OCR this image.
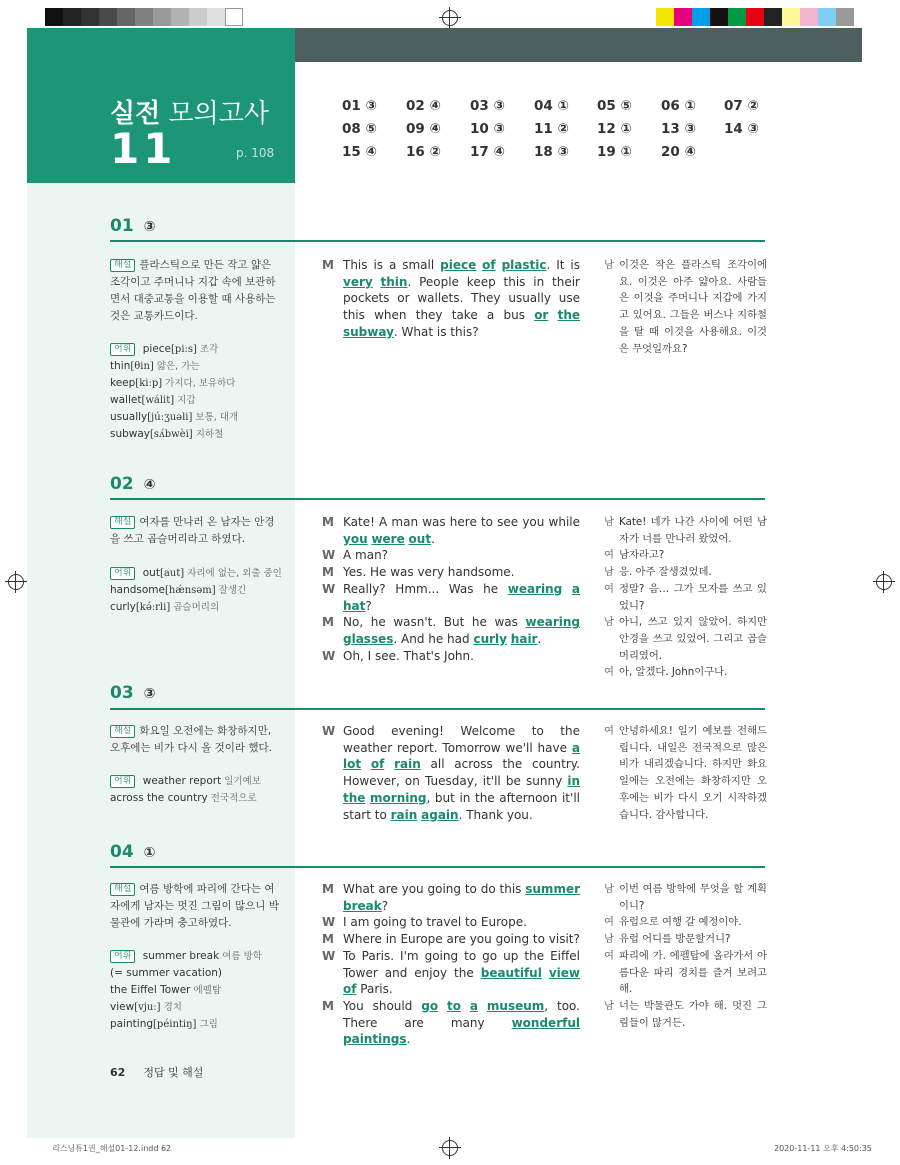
실전 모의고사
11	p. 108
01 ③ 02 ④ 03 ③ 04 ① 05 ⑤ 06 ① 07 ②
08 ⑤ 09 ④ 10 ③ 11 ② 12 ① 13 ③ 14 ③
15 ④ 16 ② 17 ④ 18 ③ 19 ① 20 ④
01 ③
해설 플라스틱으로 만든 작고 얇은 조각이고 주머니나 지갑 속에 보관하면서 대중교통을 이용할 때 사용하는 것은 교통카드이다.
어휘 piece[piːs] 조각
thin[θin] 얇은, 가는
keep[kiːp] 가지다, 보유하다
wallet[wálit] 지갑
usually[júːʒuəli] 보통, 대개
subway[sʌ́bwèi] 지하철
M This is a small piece of plastic. It is very thin. People keep this in their pockets or wallets. They usually use this when they take a bus or the subway. What is this?
남 이것은 작은 플라스틱 조각이에요. 이것은 아주 얇아요. 사람들은 이것을 주머니나 지갑에 가지고 있어요. 그들은 버스나 지하철을 탈 때 이것을 사용해요. 이것은 무엇일까요?
02 ④
해설 여자를 만나러 온 남자는 안경을 쓰고 곱슬머리라고 하였다.
어휘 out[aut] 자리에 없는, 외출 중인
handsome[hǽnsəm] 잘생긴
curly[kə́ːrli] 곱슬머리의
M Kate! A man was here to see you while you were out.
W A man?
M Yes. He was very handsome.
W Really? Hmm... Was he wearing a hat?
M No, he wasn't. But he was wearing glasses. And he had curly hair.
W Oh, I see. That's John.
남 Kate! 네가 나간 사이에 어떤 남자가 너를 만나러 왔었어.
여 남자라고?
남 응. 아주 잘생겼었데.
여 정말? 음… 그가 모자를 쓰고 있었니?
남 아니, 쓰고 있지 않았어. 하지만 안경을 쓰고 있었어. 그리고 곱슬머리였어.
여 아, 알겠다. John이구나.
03 ③
해설 화요일 오전에는 화창하지만, 오후에는 비가 다시 올 것이라 했다.
어휘 weather report 일기예보
across the country 전국적으로
W Good evening! Welcome to the weather report. Tomorrow we'll have a lot of rain all across the country. However, on Tuesday, it'll be sunny in the morning, but in the afternoon it'll start to rain again. Thank you.
여 안녕하세요! 일기 예보를 전해드립니다. 내일은 전국적으로 많은 비가 내리겠습니다. 하지만 화요일에는 오전에는 화창하지만 오후에는 비가 다시 오기 시작하겠습니다. 감사합니다.
04 ①
해설 여름 방학에 파리에 간다는 여자에게 남자는 멋진 그림이 많으니 박물관에 가라며 충고하였다.
어휘 summer break 여름 방학
(= summer vacation)
the Eiffel Tower 에펠탑
view[vjuː] 경치
painting[péintiŋ] 그림
M What are you going to do this summer break?
W I am going to travel to Europe.
M Where in Europe are you going to visit?
W To Paris. I'm going to go up the Eiffel Tower and enjoy the beautiful view of Paris.
M You should go to a museum, too. There are many wonderful paintings.
남 이번 여름 방학에 무엇을 할 계획이니?
여 유럽으로 여행 갈 예정이야.
남 유럽 어디를 방문할거니?
여 파리에 가. 에펠탑에 올라가서 아름다운 파리 경치를 즐겨 보려고 해.
남 너는 박물관도 가야 해. 멋진 그림들이 많거든.
62 정답 및 해설
리스닝튜1권_해설01-12.indd 62	2020-11-11 오후 4:50:35
